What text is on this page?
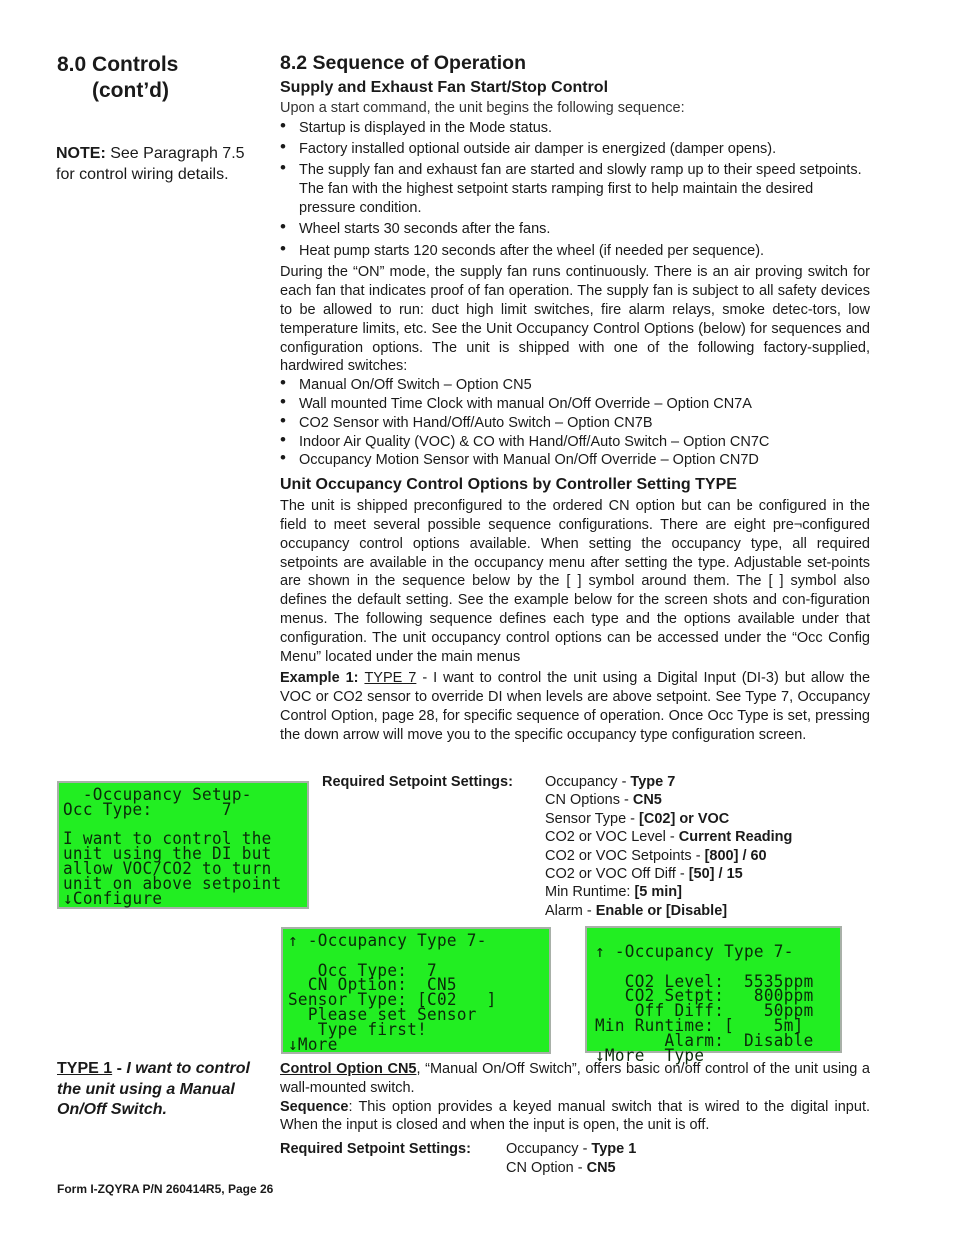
8.0 Controls
(cont’d)
NOTE: See Paragraph 7.5 for control wiring details.
TYPE 1 - I want to control the unit using a Manual On/Off Switch.
8.2 Sequence of Operation
Supply and Exhaust Fan Start/Stop Control

Upon a start command, the unit begins the following sequence:

• Startup is displayed in the Mode status.
• Factory installed optional outside air damper is energized (damper opens).
• The supply fan and exhaust fan are started and slowly ramp up to their speed setpoints. The fan with the highest setpoint starts ramping first to help maintain the desired pressure condition.
• Wheel starts 30 seconds after the fans.
• Heat pump starts 120 seconds after the wheel (if needed per sequence).

During the “ON” mode, the supply fan runs continuously. There is an air proving switch for each fan that indicates proof of fan operation. The supply fan is subject to all safety devices to be allowed to run: duct high limit switches, fire alarm relays, smoke detec-tors, low temperature limits, etc. See the Unit Occupancy Control Options (below) for sequences and configuration options. The unit is shipped with one of the following factory-supplied, hardwired switches:

• Manual On/Off Switch – Option CN5
• Wall mounted Time Clock with manual On/Off Override – Option CN7A
• CO2 Sensor with Hand/Off/Auto Switch – Option CN7B
• Indoor Air Quality (VOC) & CO with Hand/Off/Auto Switch – Option CN7C
• Occupancy Motion Sensor with Manual On/Off Override – Option CN7D
Unit Occupancy Control Options by Controller Setting TYPE

The unit is shipped preconfigured to the ordered CN option but can be configured in the field to meet several possible sequence configurations. There are eight pre¬configured occupancy control options available. When setting the occupancy type, all required setpoints are available in the occupancy menu after setting the type. Adjustable set-points are shown in the sequence below by the [ ] symbol around them. The [ ] symbol also defines the default setting. See the example below for the screen shots and con-figuration menus. The following sequence defines each type and the options available under that configuration. The unit occupancy control options can be accessed under the “Occ Config Menu” located under the main menus

Example 1: TYPE 7 - I want to control the unit using a Digital Input (DI-3) but allow the VOC or CO2 sensor to override DI when levels are above setpoint. See Type 7, Occupancy Control Option, page 28, for specific sequence of operation. Once Occ Type is set, pressing the down arrow will move you to the specific occupancy type configuration screen.

Required Setpoint Settings: Occupancy - Type 7
CN Options - CN5
Sensor Type - [C02] or VOC
CO2 or VOC Level - Current Reading
CO2 or VOC Setpoints - [800] / 60
CO2 or VOC Off Diff - [50] / 15
Min Runtime: [5 min]
Alarm - Enable or [Disable]
-Occupancy Setup-
Occ Type:       7
I want to control the
unit using the DI but
allow VOC/CO2 to turn
unit on above setpoint
↓Configure
↑ -Occupancy Type 7-
Occ Type:  7
CN Option:  CN5
Sensor Type: [C02   ]
Please set Sensor
Type first!
↓More
↑ -Occupancy Type 7-
CO2 Level:  5535ppm
CO2 Setpt:   800ppm
Off Diff:    50ppm
Min Runtime: [    5m]
Alarm:  Disable
↓More  Type

Control Option CN5, “Manual On/Off Switch”, offers basic on/off control of the unit using a wall-mounted switch.

Sequence: This option provides a keyed manual switch that is wired to the digital input. When the input is closed and when the input is open, the unit is off.

Required Setpoint Settings: Occupancy - Type 1
CN Option - CN5
Form I-ZQYRA P/N 260414R5, Page 26
